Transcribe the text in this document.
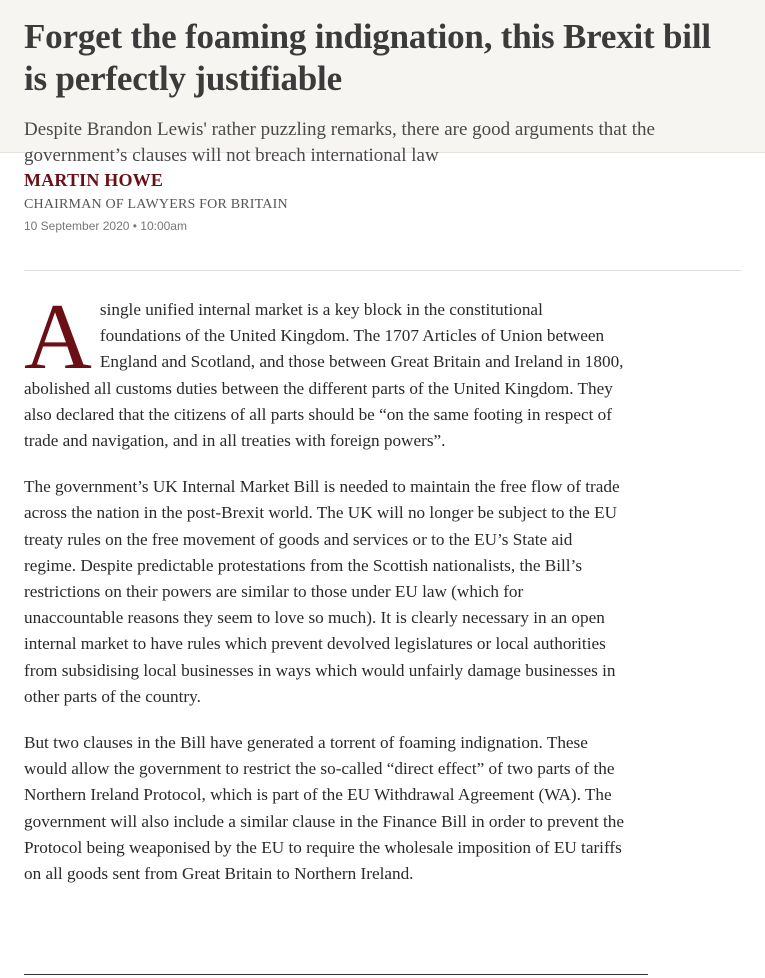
Forget the foaming indignation, this Brexit bill is perfectly justifiable

Despite Brandon Lewis' rather puzzling remarks, there are good arguments that the government’s clauses will not breach international law

MARTIN HOWE

CHAIRMAN OF LAWYERS FOR BRITAIN

10 September 2020 • 10:00am

A single unified internal market is a key block in the constitutional foundations of the United Kingdom. The 1707 Articles of Union between England and Scotland, and those between Great Britain and Ireland in 1800, abolished all customs duties between the different parts of the United Kingdom. They also declared that the citizens of all parts should be “on the same footing in respect of trade and navigation, and in all treaties with foreign powers”.

The government’s UK Internal Market Bill is needed to maintain the free flow of trade across the nation in the post-Brexit world. The UK will no longer be subject to the EU treaty rules on the free movement of goods and services or to the EU’s State aid regime. Despite predictable protestations from the Scottish nationalists, the Bill’s restrictions on their powers are similar to those under EU law (which for unaccountable reasons they seem to love so much). It is clearly necessary in an open internal market to have rules which prevent devolved legislatures or local authorities from subsidising local businesses in ways which would unfairly damage businesses in other parts of the country.

But two clauses in the Bill have generated a torrent of foaming indignation. These would allow the government to restrict the so-called “direct effect” of two parts of the Northern Ireland Protocol, which is part of the EU Withdrawal Agreement (WA). The government will also include a similar clause in the Finance Bill in order to prevent the Protocol being weaponised by the EU to require the wholesale imposition of EU tariffs on all goods sent from Great Britain to Northern Ireland.
